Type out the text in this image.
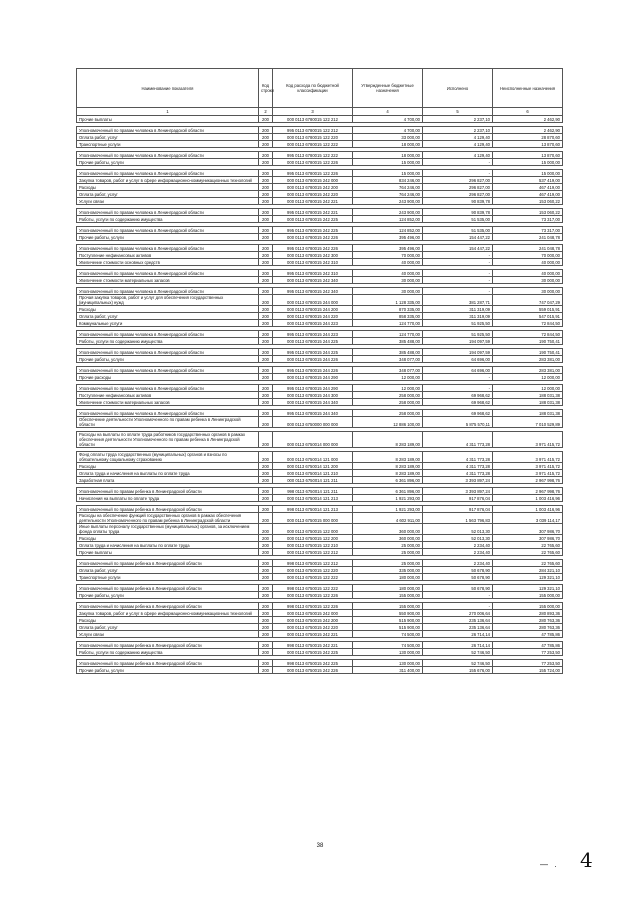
Наименование показателя	Код строки	Код расхода по бюджетной классификации	Утвержденные бюджетные назначения	Исполнено	Неисполненные назначения
1	2	3	4	5	6
Прочие выплаты	200	000 0113 6780015 122 212	4 700,00	2 237,10	2 462,90

Уполномоченный по правам человека в Ленинградской области	200	995 0113 6780015 122 212	4 700,00	2 237,10	2 462,90
Оплата работ, услуг	200	000 0113 6780015 122 220	33 000,00	4 129,40	28 870,60
Транспортные услуги	200	000 0113 6780015 122 222	18 000,00	4 129,40	13 870,60

Уполномоченный по правам человека в Ленинградской области	200	995 0113 6780015 122 222	18 000,00	4 129,40	13 870,60
Прочие работы, услуги	200	000 0113 6780015 122 226	15 000,00	-	15 000,00

Уполномоченный по правам человека в Ленинградской области	200	995 0113 6780015 122 226	15 000,00	-	15 000,00
Закупка товаров, работ и услуг в сфере информационно-коммуникационных технологий	200	000 0113 6780015 242 000	834 246,00	296 827,00	537 419,00
Расходы	200	000 0113 6780015 242 200	764 246,00	296 827,00	467 419,00
Оплата работ, услуг	200	000 0113 6780015 242 220	764 246,00	296 827,00	467 419,00
Услуги связи	200	000 0113 6780015 242 221	243 900,00	90 839,78	153 060,22

Уполномоченный по правам человека в Ленинградской области	200	995 0113 6780015 242 221	243 900,00	90 839,78	153 060,22
Работы, услуги по содержанию имущества	200	000 0113 6780015 242 225	124 852,00	51 535,00	73 317,00

Уполномоченный по правам человека в Ленинградской области	200	995 0113 6780015 242 225	124 852,00	51 535,00	73 317,00
Прочие работы, услуги	200	000 0113 6780015 242 226	395 496,00	154 447,22	241 048,78

Уполномоченный по правам человека в Ленинградской области	200	995 0113 6780015 242 226	395 496,00	154 447,22	241 048,78
Поступление нефинансовых активов	200	000 0113 6780015 242 300	70 000,00	-	70 000,00
Увеличение стоимости основных средств	200	000 0113 6780015 242 310	40 000,00	-	40 000,00

Уполномоченный по правам человека в Ленинградской области	200	995 0113 6780015 242 310	40 000,00	-	40 000,00
Увеличение стоимости материальных запасов	200	000 0113 6780015 242 340	30 000,00	-	30 000,00

Уполномоченный по правам человека в Ленинградской области	200	995 0113 6780015 242 340	30 000,00	-	30 000,00
Прочая закупка товаров, работ и услуг для обеспечения государственных (муниципальных) нужд	200	000 0113 6780015 244 000	1 128 335,00	381 287,71	747 047,29
Расходы	200	000 0113 6780015 244 200	870 335,00	311 319,09	559 015,91
Оплата работ, услуг	200	000 0113 6780015 244 220	858 335,00	311 319,09	547 015,91
Коммунальные услуги	200	000 0113 6780015 244 223	124 770,00	51 925,50	72 844,50

Уполномоченный по правам человека в Ленинградской области	200	995 0113 6780015 244 223	124 770,00	51 925,50	72 844,50
Работы, услуги по содержанию имущества	200	000 0113 6780015 244 225	385 488,00	194 097,59	190 750,41

Уполномоченный по правам человека в Ленинградской области	200	995 0113 6780015 244 225	385 488,00	194 097,59	190 750,41
Прочие работы, услуги	200	000 0113 6780015 244 226	348 077,00	64 696,00	283 381,00

Уполномоченный по правам человека в Ленинградской области	200	995 0113 6780015 244 226	348 077,00	64 696,00	283 381,00
Прочие расходы	200	000 0113 6780015 244 290	12 000,00	-	12 000,00

Уполномоченный по правам человека в Ленинградской области	200	995 0113 6780015 244 290	12 000,00	-	12 000,00
Поступление нефинансовых активов	200	000 0113 6780015 244 300	258 000,00	69 968,62	188 031,38
Увеличение стоимости материальных запасов	200	000 0113 6780015 244 340	258 000,00	69 968,62	188 031,38

Уполномоченный по правам человека в Ленинградской области	200	995 0113 6780015 244 340	258 000,00	69 968,62	188 031,38
Обеспечение деятельности Уполномоченного по правам ребенка в Ленинградской области	200	000 0113 6750000 000 000	12 886 100,00	5 875 570,11	7 010 529,89

Расходы на выплаты по оплате труда работников государственных органов в рамках обеспечения деятельности Уполномоченного по правам ребенка в Ленинградской области	200	000 0113 6750014 000 000	8 283 189,00	4 311 773,28	3 971 415,72

Фонд оплаты труда государственных (муниципальных) органов и взносы по обязательному социальному страхованию	200	000 0113 6750014 121 000	8 283 189,00	4 311 773,28	3 971 415,72
Расходы	200	000 0113 6750014 121 200	8 283 189,00	4 311 773,28	3 971 415,72
Оплата труда и начисления на выплаты по оплате труда	200	000 0113 6750014 121 210	8 283 189,00	4 311 773,28	3 971 415,72
Заработная плата	200	000 0113 6750014 121 211	6 361 896,00	3 393 897,24	2 967 998,76

Уполномоченный по правам ребенка в Ленинградской области	200	998 0113 6750014 121 211	6 361 896,00	3 393 897,24	2 967 998,76
Начисления на выплаты по оплате труда	200	000 0113 6750014 121 213	1 921 293,00	917 876,04	1 003 416,96

Уполномоченный по правам ребенка в Ленинградской области	200	998 0113 6750014 121 213	1 921 293,00	917 876,04	1 003 416,96
Расходы на обеспечение функций государственных органов в рамках обеспечения деятельности Уполномоченного по правам ребенка в Ленинградской области	200	000 0113 6750015 000 000	4 602 911,00	1 563 796,83	3 039 114,17
Иные выплаты персоналу государственных (муниципальных) органов, за исключением фонда оплаты труда	200	000 0113 6750015 122 000	360 000,00	52 013,30	307 986,70
Расходы	200	000 0113 6750015 122 200	360 000,00	52 013,30	307 986,70
Оплата труда и начисления на выплаты по оплате труда	200	000 0113 6750015 122 210	25 000,00	2 234,40	22 765,60
Прочие выплаты	200	000 0113 6750015 122 212	25 000,00	2 234,40	22 765,60

Уполномоченный по правам ребенка в Ленинградской области	200	998 0113 6750015 122 212	25 000,00	2 234,40	22 765,60
Оплата работ, услуг	200	000 0113 6750015 122 220	335 000,00	50 678,90	284 321,10
Транспортные услуги	200	000 0113 6750015 122 222	180 000,00	50 678,90	129 321,10

Уполномоченный по правам ребенка в Ленинградской области	200	998 0113 6750015 122 222	180 000,00	50 678,90	129 321,10
Прочие работы, услуги	200	000 0113 6750015 122 226	155 000,00	-	155 000,00

Уполномоченный по правам ребенка в Ленинградской области	200	998 0113 6750015 122 226	155 000,00	-	155 000,00
Закупка товаров, работ и услуг в сфере информационно-коммуникационных технологий	200	000 0113 6750015 242 000	550 900,00	270 006,64	280 893,36
Расходы	200	000 0113 6750015 242 200	515 900,00	235 136,64	280 763,36
Оплата работ, услуг	200	000 0113 6750015 242 220	515 900,00	235 136,64	280 763,36
Услуги связи	200	000 0113 6750015 242 221	74 500,00	26 714,14	47 785,86

Уполномоченный по правам ребенка в Ленинградской области	200	998 0113 6750015 242 221	74 500,00	26 714,14	47 785,86
Работы, услуги по содержанию имущества	200	000 0113 6750015 242 225	130 000,00	52 746,50	77 253,50

Уполномоченный по правам ребенка в Ленинградской области	200	998 0113 6750015 242 225	130 000,00	52 746,50	77 253,50
Прочие работы, услуги	200	000 0113 6750015 242 226	311 400,00	155 676,00	155 724,00
38
— . 4
